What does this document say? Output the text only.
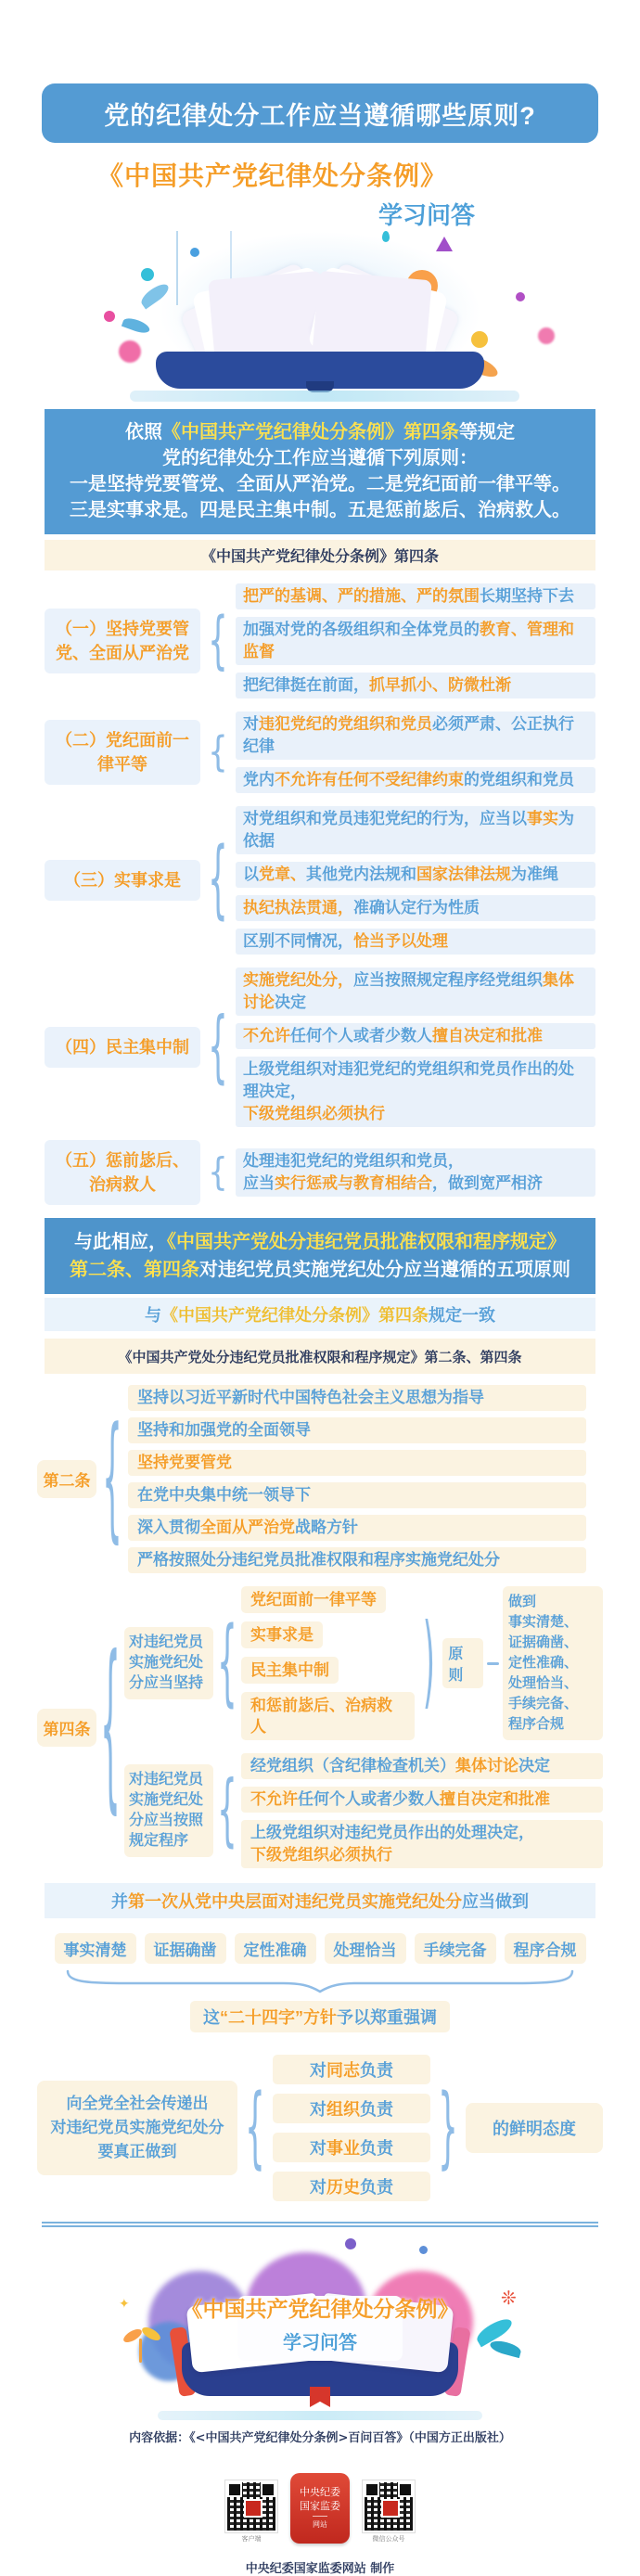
党的纪律处分工作应当遵循哪些原则?
《中国共产党纪律处分条例》
学习问答
依照《中国共产党纪律处分条例》第四条等规定
党的纪律处分工作应当遵循下列原则：
一是坚持党要管党、全面从严治党。二是党纪面前一律平等。
三是实事求是。四是民主集中制。五是惩前毖后、治病救人。
《中国共产党纪律处分条例》第四条
（一）坚持党要管党、全面从严治党 {
把严的基调、严的措施、严的氛围长期坚持下去
加强对党的各级组织和全体党员的教育、管理和监督
把纪律挺在前面，抓早抓小、防微杜渐
（二）党纪面前一律平等	{
对违犯党纪的党组织和党员必须严肃、公正执行纪律
党内不允许有任何不受纪律约束的党组织和党员
（三）实事求是 {
对党组织和党员违犯党纪的行为，应当以事实为依据
以党章、其他党内法规和国家法律法规为准绳
执纪执法贯通，准确认定行为性质
区别不同情况，恰当予以处理
（四）民主集中制 {
实施党纪处分，应当按照规定程序经党组织集体讨论决定
不允许任何个人或者少数人擅自决定和批准
上级党组织对违犯党纪的党组织和党员作出的处理决定，
下级党组织必须执行
（五）惩前毖后、治病救人	{ 处理违犯党纪的党组织和党员，
应当实行惩戒与教育相结合，做到宽严相济
与此相应，《中国共产党处分违纪党员批准权限和程序规定》
第二条、第四条对违纪党员实施党纪处分应当遵循的五项原则
与 《中国共产党纪律处分条例》第四条 规定一致
《中国共产党处分违纪党员批准权限和程序规定》第二条、第四条
第二条 {
坚持以习近平新时代中国特色社会主义思想为指导
坚持和加强党的全面领导
坚持党要管党
在党中央集中统一领导下
深入贯彻全面从严治党战略方针
严格按照处分违纪党员批准权限和程序实施党纪处分
第四条 { 对违纪党员实施党纪处分应当坚持 {
党纪面前一律平等
实事求是
民主集中制
和惩前毖后、治病救人
) 原则
做到
事实清楚、
证据确凿、
定性准确、
处理恰当、
手续完备、
程序合规
对违纪党员实施党纪处分应当按照规定程序 { 经党组织（含纪律检查机关）集体讨论决定
不允许任何个人或者少数人擅自决定和批准
上级党组织对违纪党员作出的处理决定，
下级党组织必须执行
并 第一次从党中央层面对违纪党员实施党纪处分 应当做到
事实清楚	证据确凿	定性准确	处理恰当	手续完备	程序合规
这“二十四字”方针予以郑重强调
向全党全社会传递出
对违纪党员实施党纪处分
要真正做到	{
对同志负责
对组织负责
对事业负责
对历史负责
}	的鲜明态度
❊
✦	《中国共产党纪律处分条例》
学习问答
内容依据：《<中国共产党纪律处分条例>百问百答》（中国方正出版社）
客户端
中央纪委
国家监委
网站
微信公众号
中央纪委国家监委网站 制作
